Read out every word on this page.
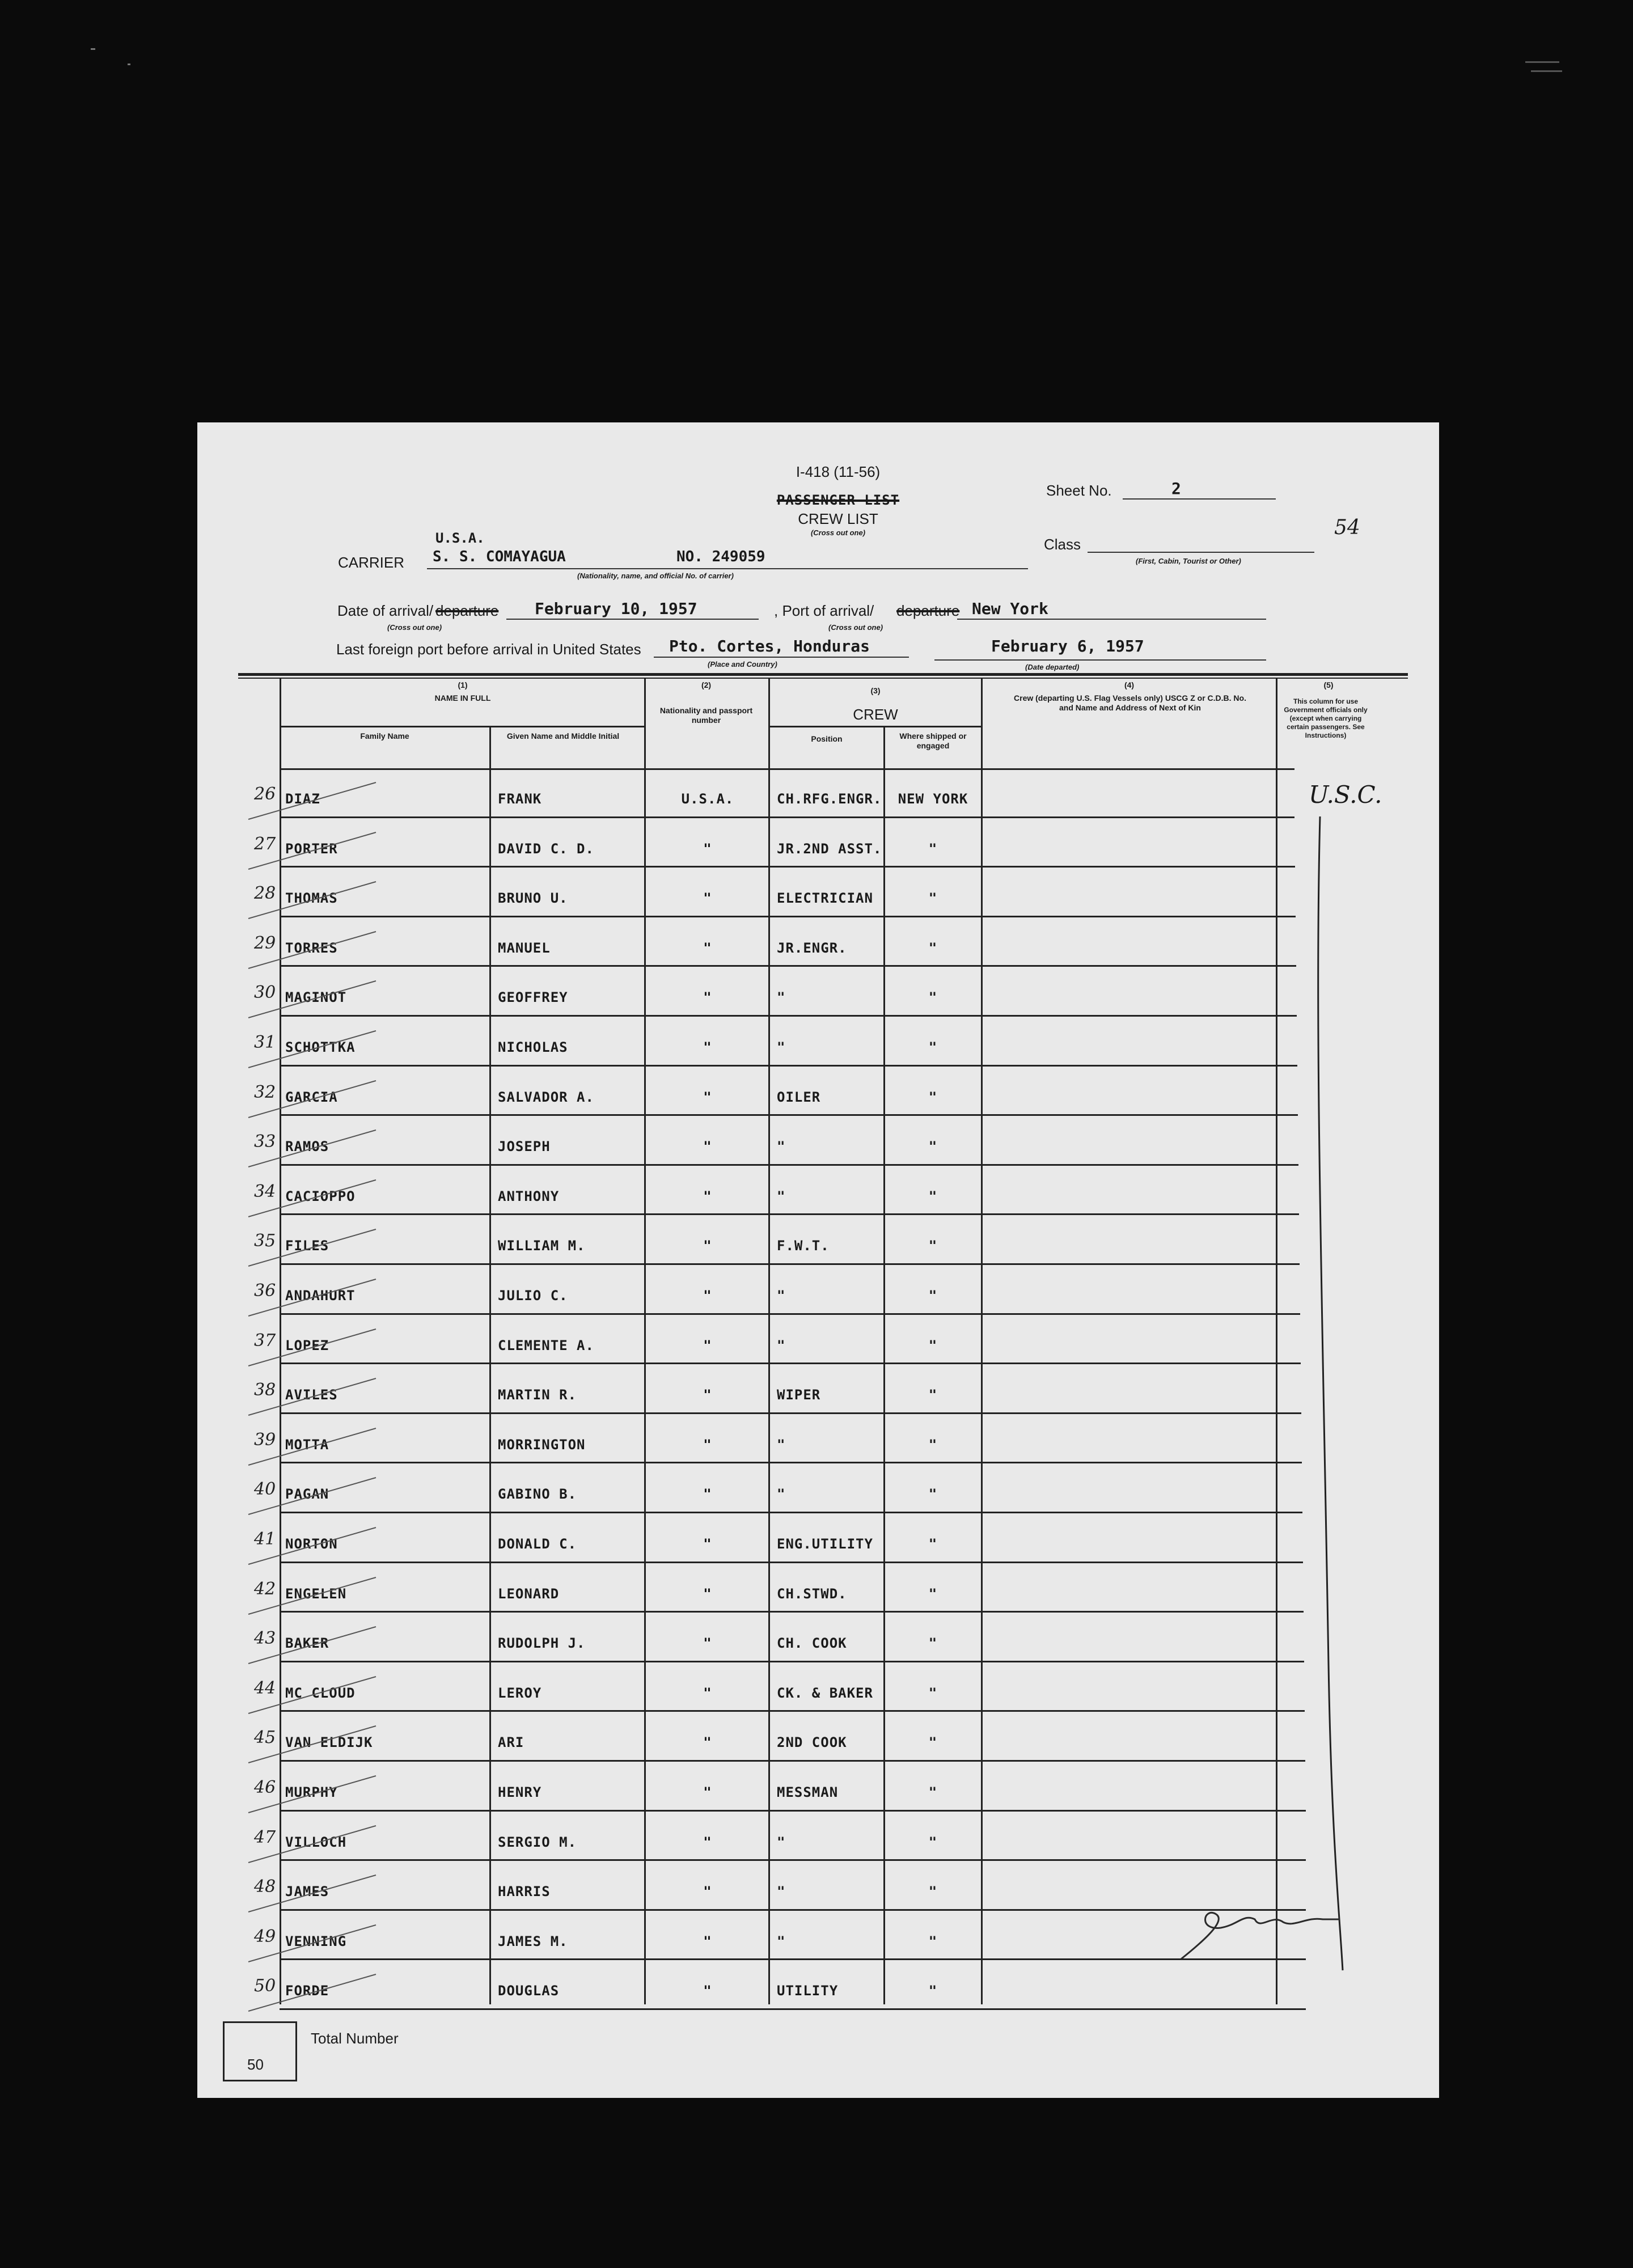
I-418 (11-56)
Sheet No.	2
54
PASSENGER LIST
CREW LIST
(Cross out one)
Class
(First, Cabin, Tourist or Other)
U.S.A.
CARRIER S. S. COMAYAGUA	NO. 249059
(Nationality, name, and official No. of carrier)
Date of arrival/ departure February 10, 1957
(Cross out one)
, Port of arrival/ departure New York
(Cross out one)
Last foreign port before arrival in United States Pto. Cortes, Honduras
(Place and Country)
February 6, 1957
(Date departed)
(1)
NAME IN FULL
Family Name	Given Name and Middle Initial
(2)
Nationality and passport number
(3)
CREW
Position	Where shipped or engaged
(4)
Crew (departing U.S. Flag Vessels only) USCG Z or C.D.B. No. and Name and Address of Next of Kin
(5)
This column for use Government officials only (except when carrying certain passengers. See Instructions)
26 DIAZ	FRANK	U.S.A.	CH.RFG.ENGR.	NEW YORK
27 PORTER	DAVID C. D.	"	JR.2ND ASST.	"
28 THOMAS	BRUNO U.	"	ELECTRICIAN	"
29 TORRES	MANUEL	"	JR.ENGR.	"
30 MAGINOT	GEOFFREY	"	"	"
31 SCHOTTKA	NICHOLAS	"	"	"
32 GARCIA	SALVADOR A.	"	OILER	"
33 RAMOS	JOSEPH	"	"	"
34 CACIOPPO	ANTHONY	"	"	"
35 FILES	WILLIAM M.	"	F.W.T.	"
36 ANDAHURT	JULIO C.	"	"	"
37 LOPEZ	CLEMENTE A.	"	"	"
38 AVILES	MARTIN R.	"	WIPER	"
39 MOTTA	MORRINGTON	"	"	"
40 PAGAN	GABINO B.	"	"	"
41 NORTON	DONALD C.	"	ENG.UTILITY	"
42 ENGELEN	LEONARD	"	CH.STWD.	"
43 BAKER	RUDOLPH J.	"	CH. COOK	"
44 MC CLOUD	LEROY	"	CK. & BAKER	"
45 VAN ELDIJK	ARI	"	2ND COOK	"
46 MURPHY	HENRY	"	MESSMAN	"
47 VILLOCH	SERGIO M.	"	"	"
48 JAMES	HARRIS	"	"	"
49 VENNING	JAMES M.	"	"	"
50 FORDE	DOUGLAS	"	UTILITY	"
U.S.C.
50
Total Number
